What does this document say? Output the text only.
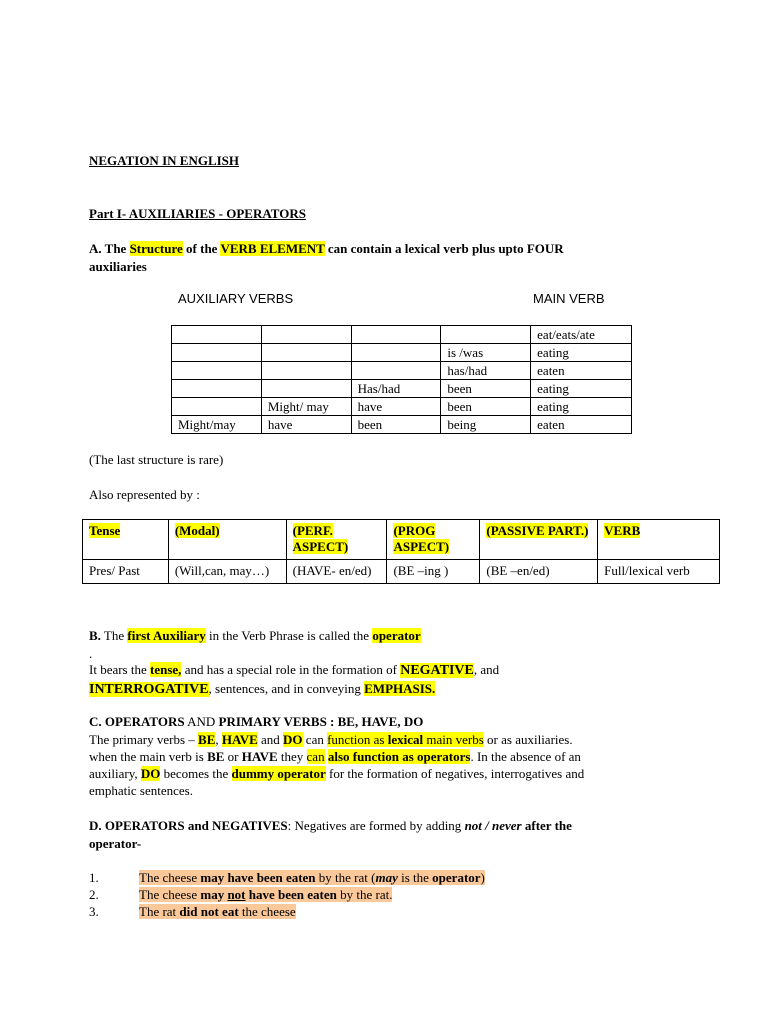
NEGATION IN ENGLISH
Part I- AUXILIARIES - OPERATORS
A. The Structure of the VERB ELEMENT can contain a lexical verb plus upto FOUR
auxiliaries
AUXILIARY VERBS	MAIN VERB
				eat/eats/ate
			is /was	eating
			has/had	eaten
		Has/had	been	eating
	Might/ may	have	been	eating
Might/may	have	been	being	eaten
(The last structure is rare)
Also represented by :
Tense	(Modal)	(PERF. ASPECT)	(PROG ASPECT)	(PASSIVE PART.)	VERB
Pres/ Past	(Will,can, may…)	(HAVE- en/ed)	(BE –ing )	(BE –en/ed)	Full/lexical verb
B. The first Auxiliary in the Verb Phrase is called the operator
.
It bears the tense, and has a special role in the formation of NEGATIVE, and
INTERROGATIVE, sentences, and in conveying EMPHASIS.
C. OPERATORS AND PRIMARY VERBS : BE, HAVE, DO
The primary verbs – BE, HAVE and DO can function as lexical main verbs or as auxiliaries.
when the main verb is BE or HAVE they can also function as operators. In the absence of an
auxiliary, DO becomes the dummy operator for the formation of negatives, interrogatives and
emphatic sentences.
D. OPERATORS and NEGATIVES: Negatives are formed by adding not / never after the
operator-
1.	The cheese may have been eaten by the rat (may is the operator)
2.	The cheese may not have been eaten by the rat.
3.	The rat did not eat the cheese
